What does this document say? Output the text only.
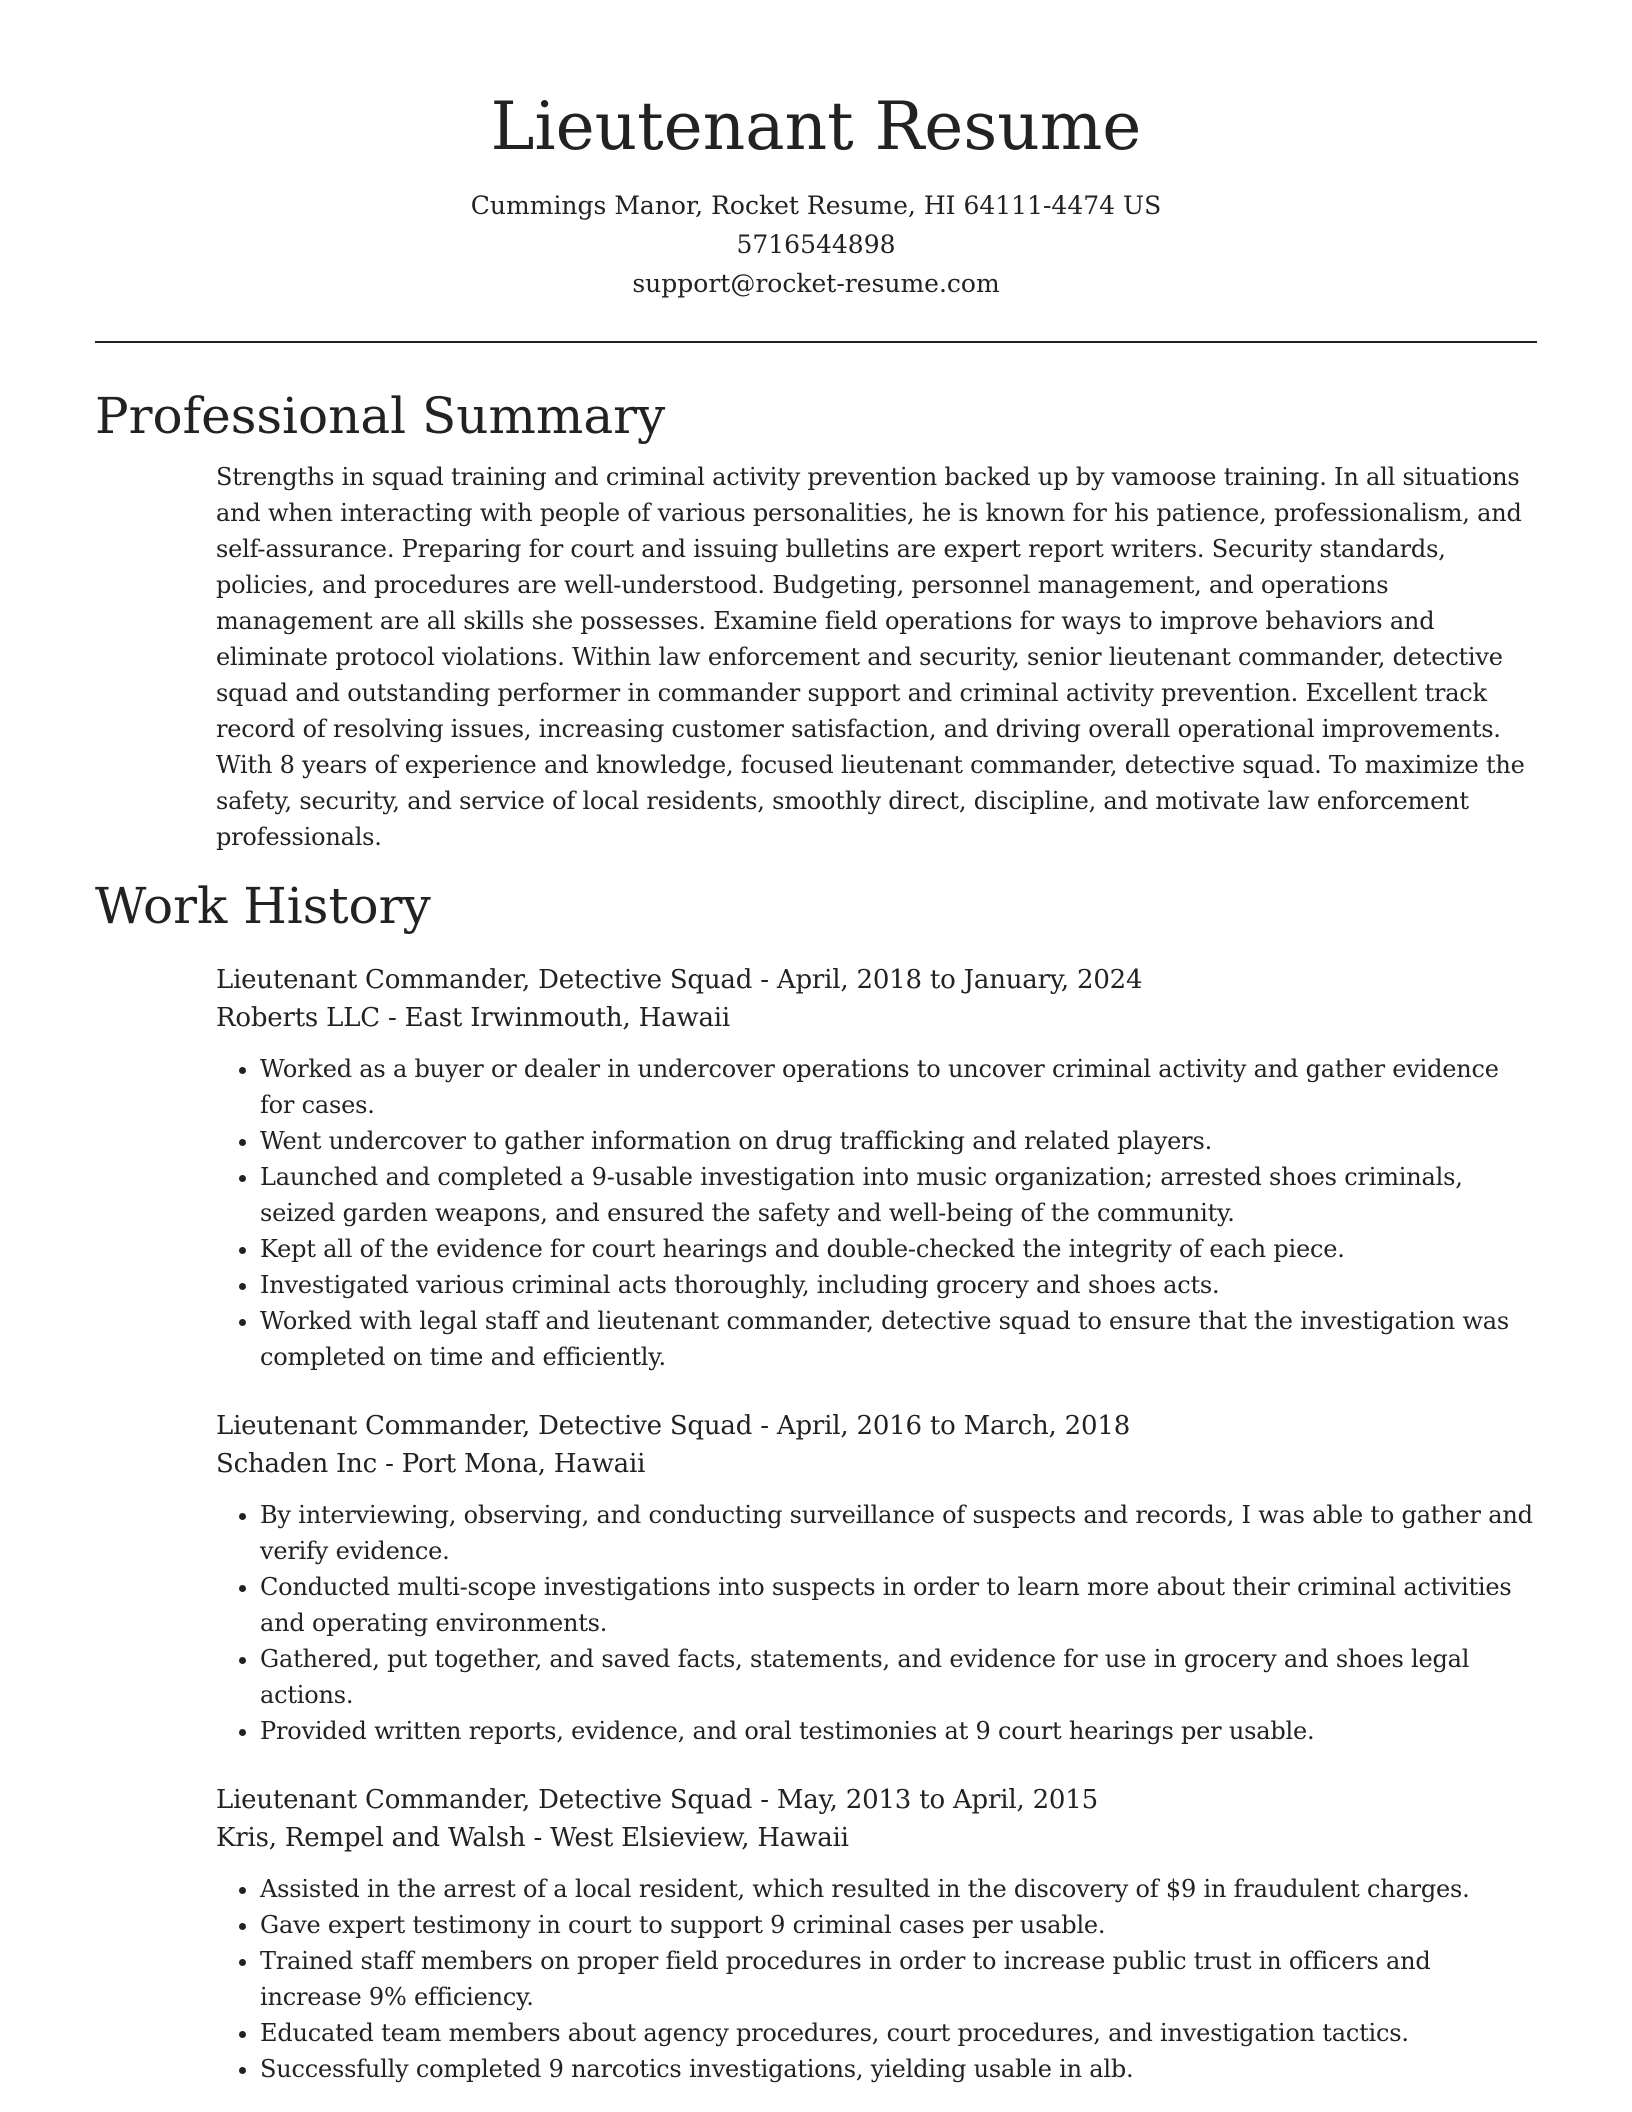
Lieutenant Resume
Cummings Manor, Rocket Resume, HI 64111-4474 US
5716544898
support@rocket-resume.com
Professional Summary

Strengths in squad training and criminal activity prevention backed up by vamoose training. In all situations and when interacting with people of various personalities, he is known for his patience, professionalism, and self-assurance. Preparing for court and issuing bulletins are expert report writers. Security standards, policies, and procedures are well-understood. Budgeting, personnel management, and operations management are all skills she possesses. Examine field operations for ways to improve behaviors and eliminate protocol violations. Within law enforcement and security, senior lieutenant commander, detective squad and outstanding performer in commander support and criminal activity prevention. Excellent track record of resolving issues, increasing customer satisfaction, and driving overall operational improvements. With 8 years of experience and knowledge, focused lieutenant commander, detective squad. To maximize the safety, security, and service of local residents, smoothly direct, discipline, and motivate law enforcement professionals.

Work History
Lieutenant Commander, Detective Squad - April, 2018 to January, 2024
Roberts LLC - East Irwinmouth, Hawaii
• Worked as a buyer or dealer in undercover operations to uncover criminal activity and gather evidence for cases.
• Went undercover to gather information on drug trafficking and related players.
• Launched and completed a 9-usable investigation into music organization; arrested shoes criminals, seized garden weapons, and ensured the safety and well-being of the community.
• Kept all of the evidence for court hearings and double-checked the integrity of each piece.
• Investigated various criminal acts thoroughly, including grocery and shoes acts.
• Worked with legal staff and lieutenant commander, detective squad to ensure that the investigation was completed on time and efficiently.
Lieutenant Commander, Detective Squad - April, 2016 to March, 2018
Schaden Inc - Port Mona, Hawaii
• By interviewing, observing, and conducting surveillance of suspects and records, I was able to gather and verify evidence.
• Conducted multi-scope investigations into suspects in order to learn more about their criminal activities and operating environments.
• Gathered, put together, and saved facts, statements, and evidence for use in grocery and shoes legal actions.
• Provided written reports, evidence, and oral testimonies at 9 court hearings per usable.
Lieutenant Commander, Detective Squad - May, 2013 to April, 2015
Kris, Rempel and Walsh - West Elsieview, Hawaii
• Assisted in the arrest of a local resident, which resulted in the discovery of $9 in fraudulent charges.
• Gave expert testimony in court to support 9 criminal cases per usable.
• Trained staff members on proper field procedures in order to increase public trust in officers and increase 9% efficiency.
• Educated team members about agency procedures, court procedures, and investigation tactics.
• Successfully completed 9 narcotics investigations, yielding usable in alb.
